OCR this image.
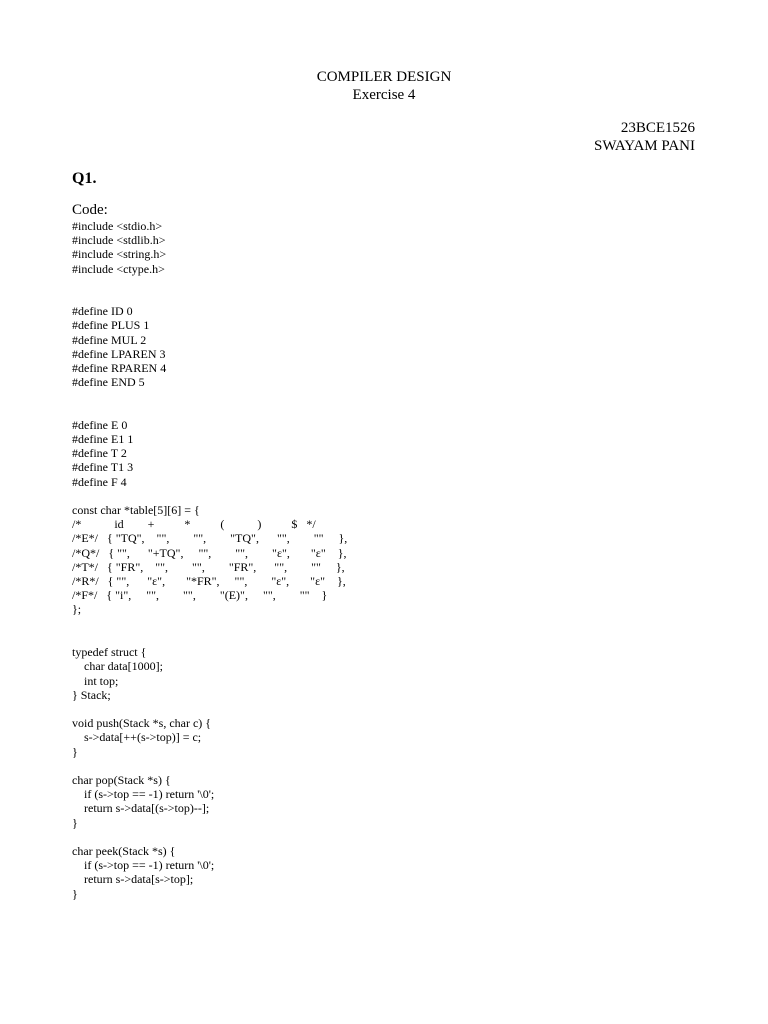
COMPILER DESIGN
Exercise 4
23BCE1526
SWAYAM PANI
Q1.
Code:
#include <stdio.h>
#include <stdlib.h>
#include <string.h>
#include <ctype.h>

#define ID 0
#define PLUS 1
#define MUL 2
#define LPAREN 3
#define RPAREN 4
#define END 5

#define E 0
#define E1 1
#define T 2
#define T1 3
#define F 4

const char *table[5][6] = {
/*           id        +          *          (           )          $   */
/*E*/   { "TQ",    "",        "",        "TQ",      "",        ""     },
/*Q*/   { "",      "+TQ",     "",        "",        "ε",       "ε"    },
/*T*/   { "FR",    "",        "",        "FR",      "",        ""     },
/*R*/   { "",      "ε",       "*FR",     "",        "ε",       "ε"    },
/*F*/   { "i",     "",        "",        "(E)",     "",        ""    }
};

typedef struct {
char data[1000];
int top;
} Stack;

void push(Stack *s, char c) {
s->data[++(s->top)] = c;
}

char pop(Stack *s) {
if (s->top == -1) return '\0';
return s->data[(s->top)--];
}

char peek(Stack *s) {
if (s->top == -1) return '\0';
return s->data[s->top];
}
